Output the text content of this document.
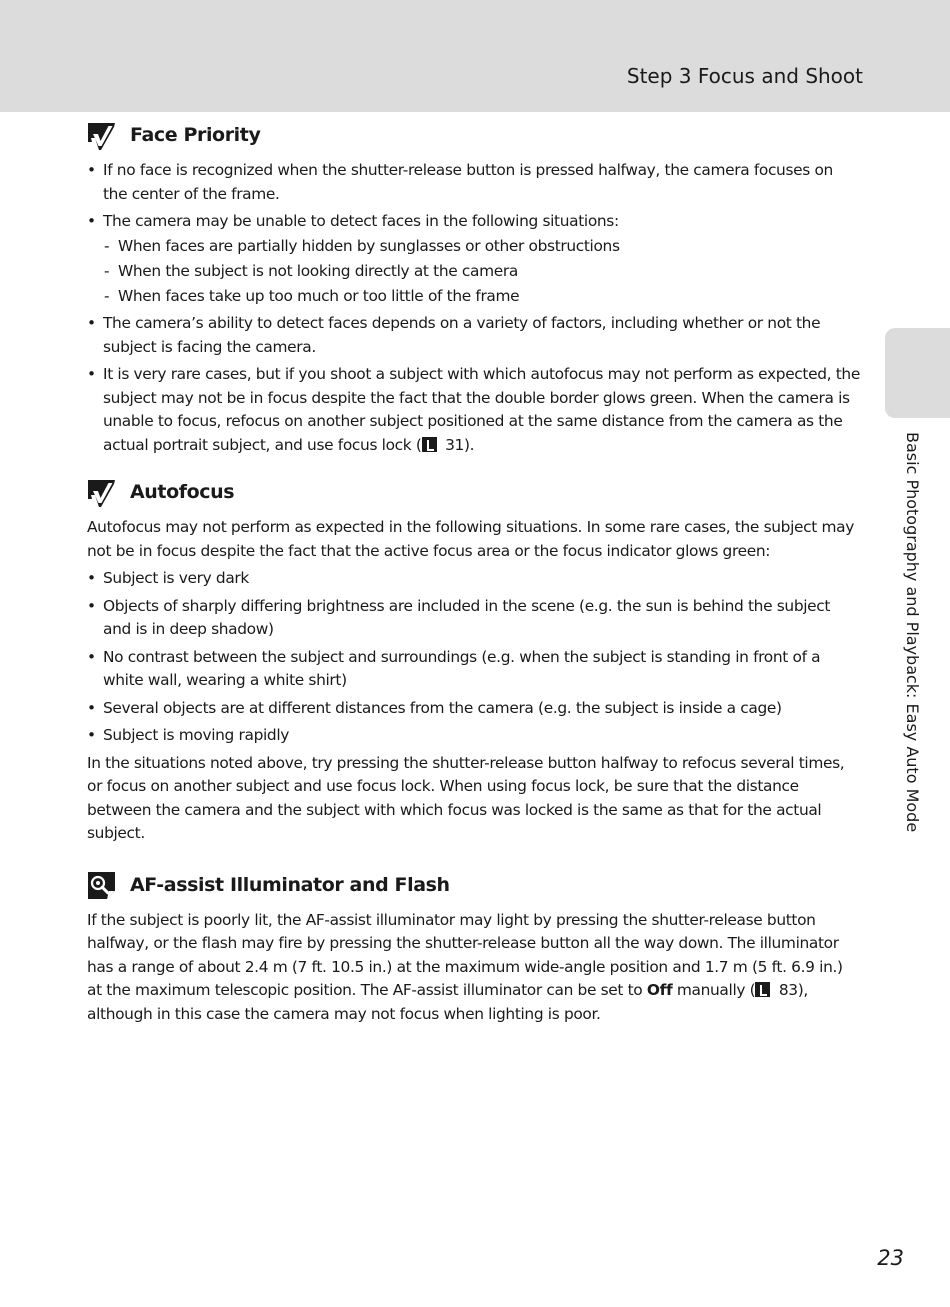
Step 3 Focus and Shoot
Basic Photography and Playback: Easy Auto Mode
Face Priority
• If no face is recognized when the shutter-release button is pressed halfway, the camera focuses on the center of the frame.
• The camera may be unable to detect faces in the following situations:
- When faces are partially hidden by sunglasses or other obstructions
- When the subject is not looking directly at the camera
- When faces take up too much or too little of the frame
• The camera’s ability to detect faces depends on a variety of factors, including whether or not the subject is facing the camera.
• It is very rare cases, but if you shoot a subject with which autofocus may not perform as expected, the subject may not be in focus despite the fact that the double border glows green. When the camera is unable to focus, refocus on another subject positioned at the same distance from the camera as the actual portrait subject, and use focus lock ( 31).
Autofocus

Autofocus may not perform as expected in the following situations. In some rare cases, the subject may not be in focus despite the fact that the active focus area or the focus indicator glows green:

• Subject is very dark
• Objects of sharply differing brightness are included in the scene (e.g. the sun is behind the subject and is in deep shadow)
• No contrast between the subject and surroundings (e.g. when the subject is standing in front of a white wall, wearing a white shirt)
• Several objects are at different distances from the camera (e.g. the subject is inside a cage)
• Subject is moving rapidly

In the situations noted above, try pressing the shutter-release button halfway to refocus several times, or focus on another subject and use focus lock. When using focus lock, be sure that the distance between the camera and the subject with which focus was locked is the same as that for the actual subject.

AF-assist Illuminator and Flash

If the subject is poorly lit, the AF-assist illuminator may light by pressing the shutter-release button halfway, or the flash may fire by pressing the shutter-release button all the way down. The illuminator has a range of about 2.4 m (7 ft. 10.5 in.) at the maximum wide-angle position and 1.7 m (5 ft. 6.9 in.) at the maximum telescopic position. The AF-assist illuminator can be set to Off manually ( 83), although in this case the camera may not focus when lighting is poor.

23
